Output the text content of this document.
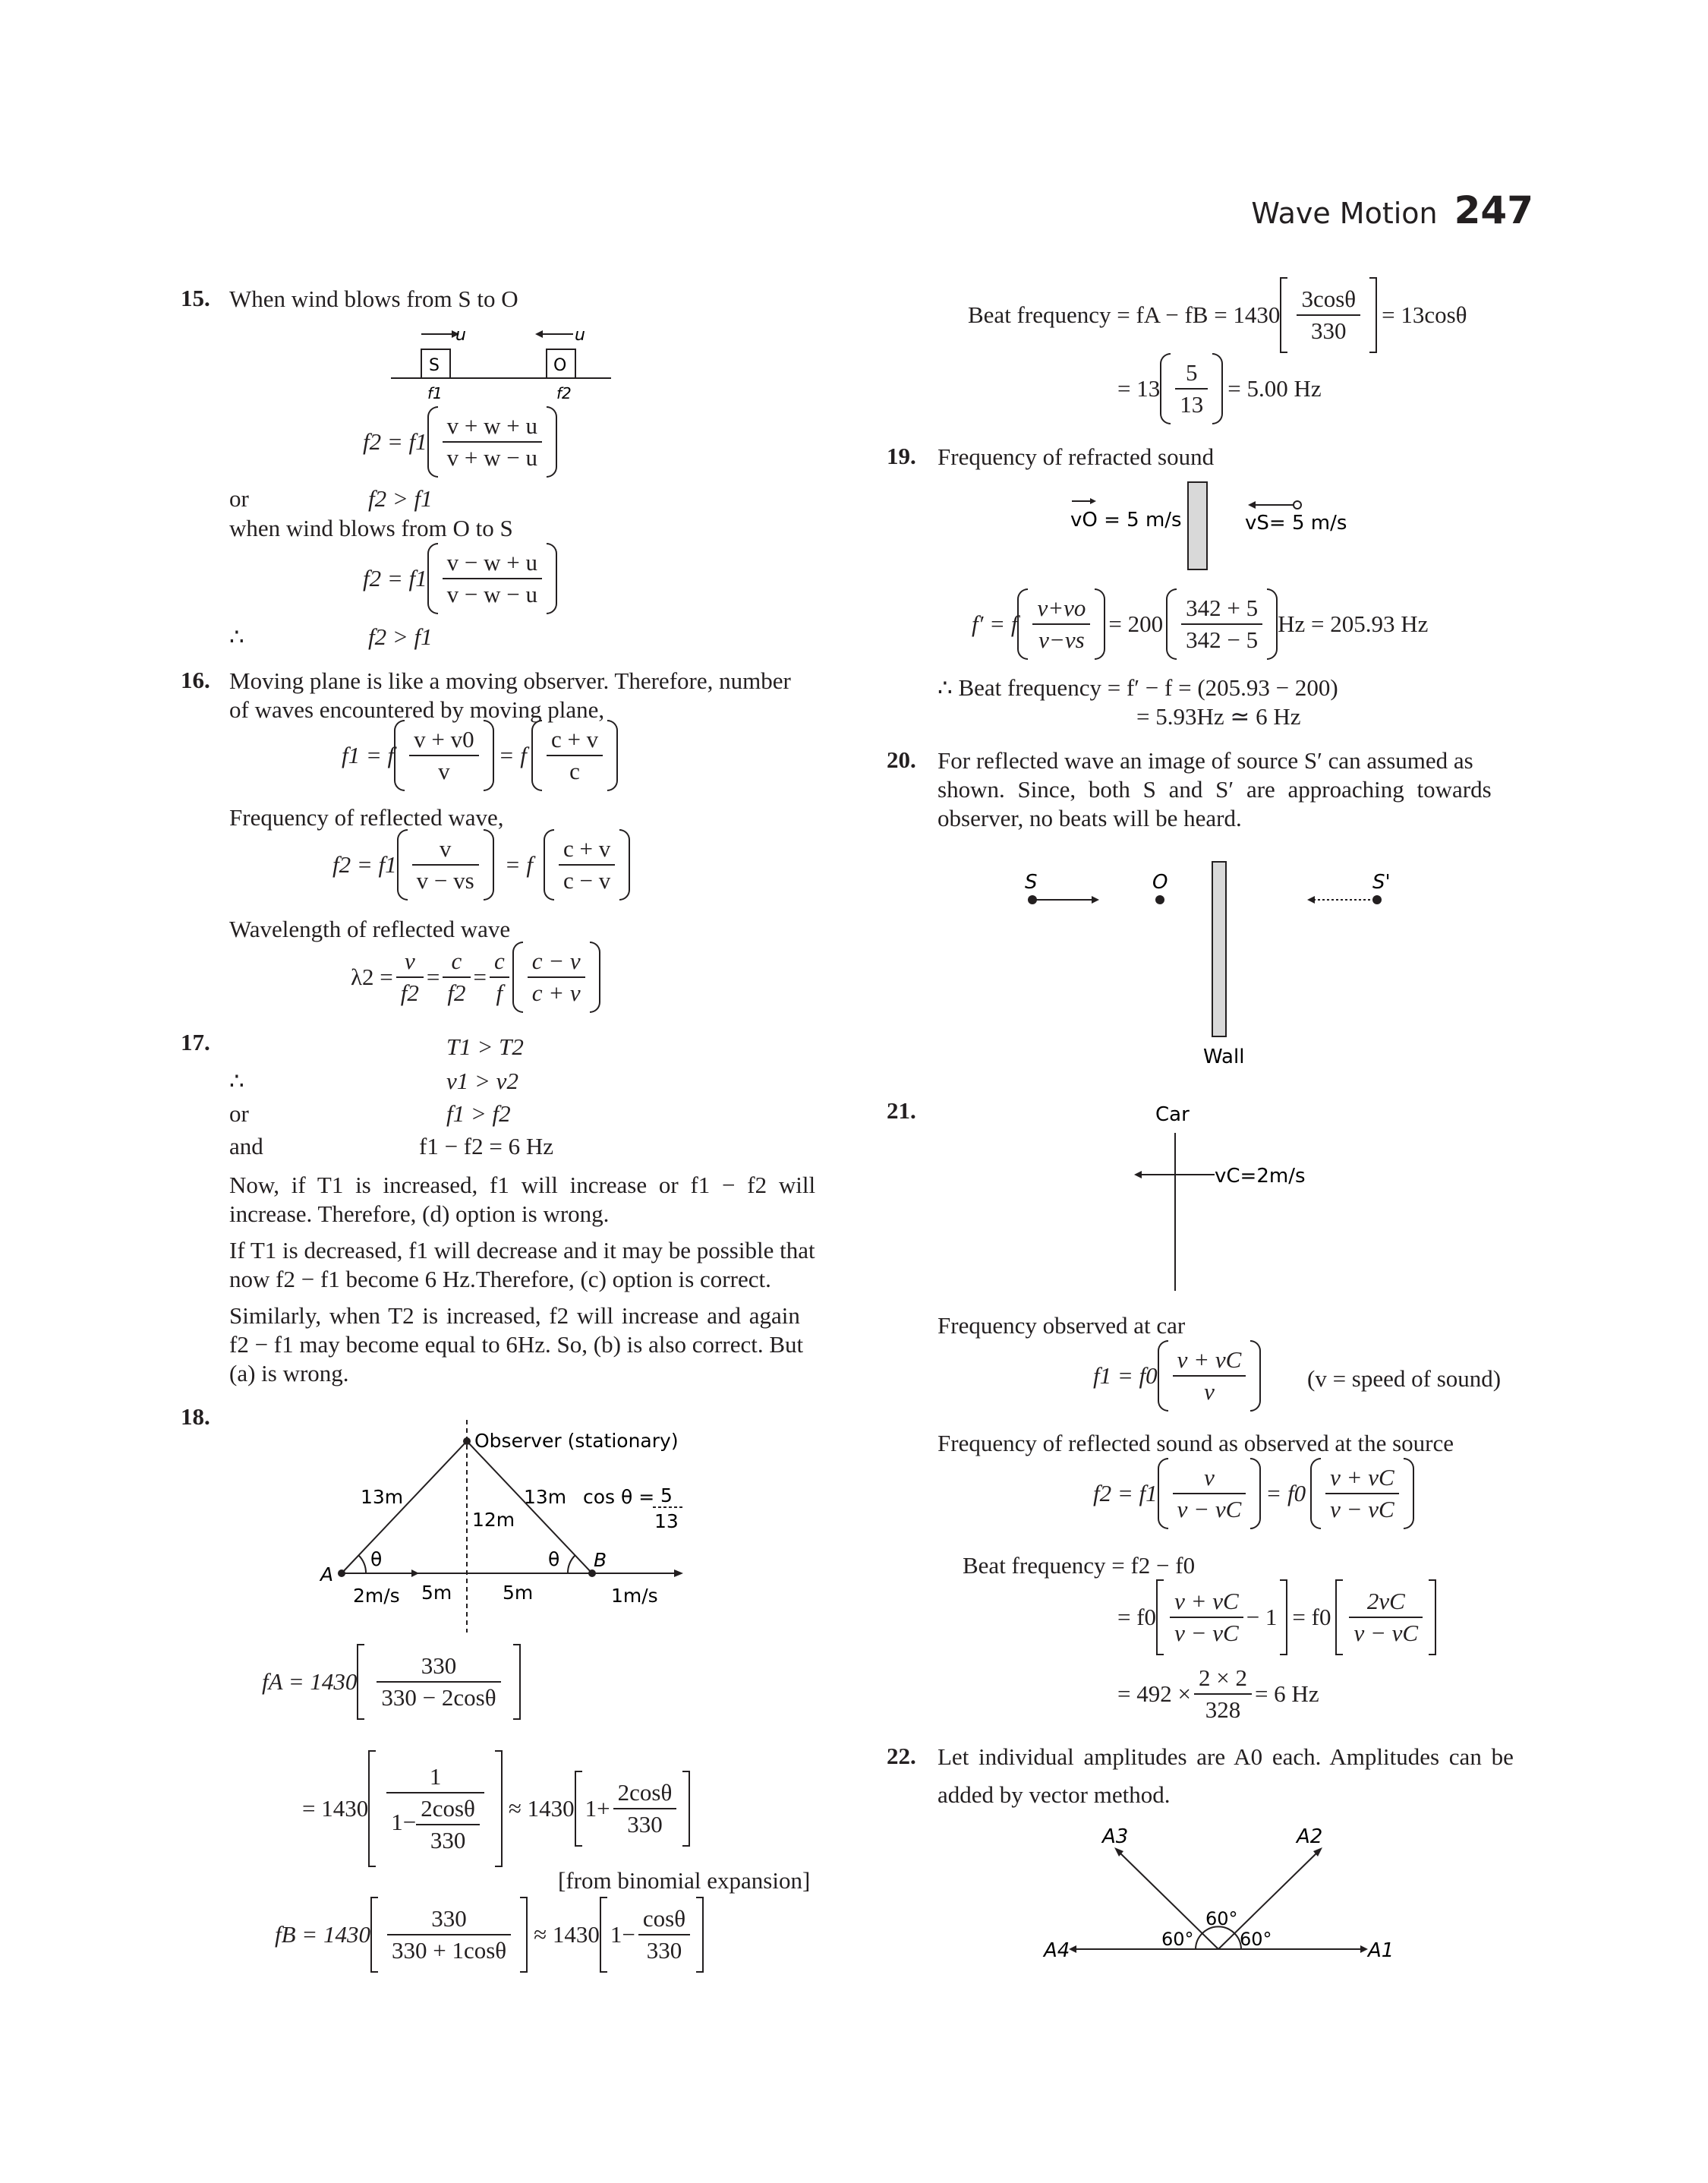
Wave Motion 247
15. When wind blows from S to O
u	u
S	O
f1	f2
f2 = f1
v + w + u
v + w − u
or	f2 > f1
when wind blows from O to S
f2 = f1
v − w + u
v − w − u
∴	f2 > f1
16. Moving plane is like a moving observer. Therefore, number
of waves encountered by moving plane,
f1 = f
v + v0
v
= f
c + v
c
Frequency of reflected wave,
f2 = f1
v
v − vs
= f
c + v
c − v
Wavelength of reflected wave
$\lambda 2 = \frac{v}{f2} = \frac{c}{f2} = \frac{c}{f}$ c − v
c + v
17.	T1 > T2
∴	v1 > v2
or	f1 > f2
and	f1 − f2 = 6 Hz
Now, if T1 is increased, f1 will increase or f1 − f2 will
increase. Therefore, (d) option is wrong.
If T1 is decreased, f1 will decrease and it may be possible that
now f2 − f1 become 6 Hz.Therefore, (c) option is correct.
Similarly, when T2 is increased, f2 will increase and again
f2 − f1 may become equal to 6Hz. So, (b) is also correct. But
(a) is wrong.
18.
Observer (stationary)
13m	13m cos θ = 5
13
12m
θ	θ
A
B
2m/s 5m	5m	1m/s
fA = 1430
330
330 − 2cosθ
= 1430
1
$1- \frac{2\cos\theta}{330} \approx 1430$ $1+ \frac{2\cos\theta}{330}$
[from binomial expansion]
fB = 1430
330
330 + 1cosθ
≈ 1430 $1- \frac{\cos\theta}{330}$
Beat frequency = fA − fB = 1430
3cosθ
330
= 13cosθ
= 13
5
13
= 5.00 Hz
19. Frequency of refracted sound
vO = 5 m/s	vS= 5 m/s
f′ = f
v+vo
v−vs
= 200
342 + 5
342 − 5
Hz = 205.93 Hz
∴ Beat frequency = f′ − f = (205.93 − 200)
= 5.93Hz ≃ 6 Hz
20. For reflected wave an image of source S′ can assumed as
shown. Since, both S and S′ are approaching towards
observer, no beats will be heard.
S	O	S'
Wall
21.	Car
vC=2m/s
Frequency observed at car
f1 = f0
v + vC
v	(v = speed of sound)
Frequency of reflected sound as observed at the source
f2 = f1
v
v − vC
= f0
v + vC
v − vC
Beat frequency = f2 − f0
= f0
v + vC
v − vC
− 1 = f0
2vC
v − vC
= $492 \times \frac{2 \times 2}{328} = 6$ Hz
22. Let individual amplitudes are A0 each. Amplitudes can be
added by vector method.
A3	A2
A4	A1
60°
60°	60°
